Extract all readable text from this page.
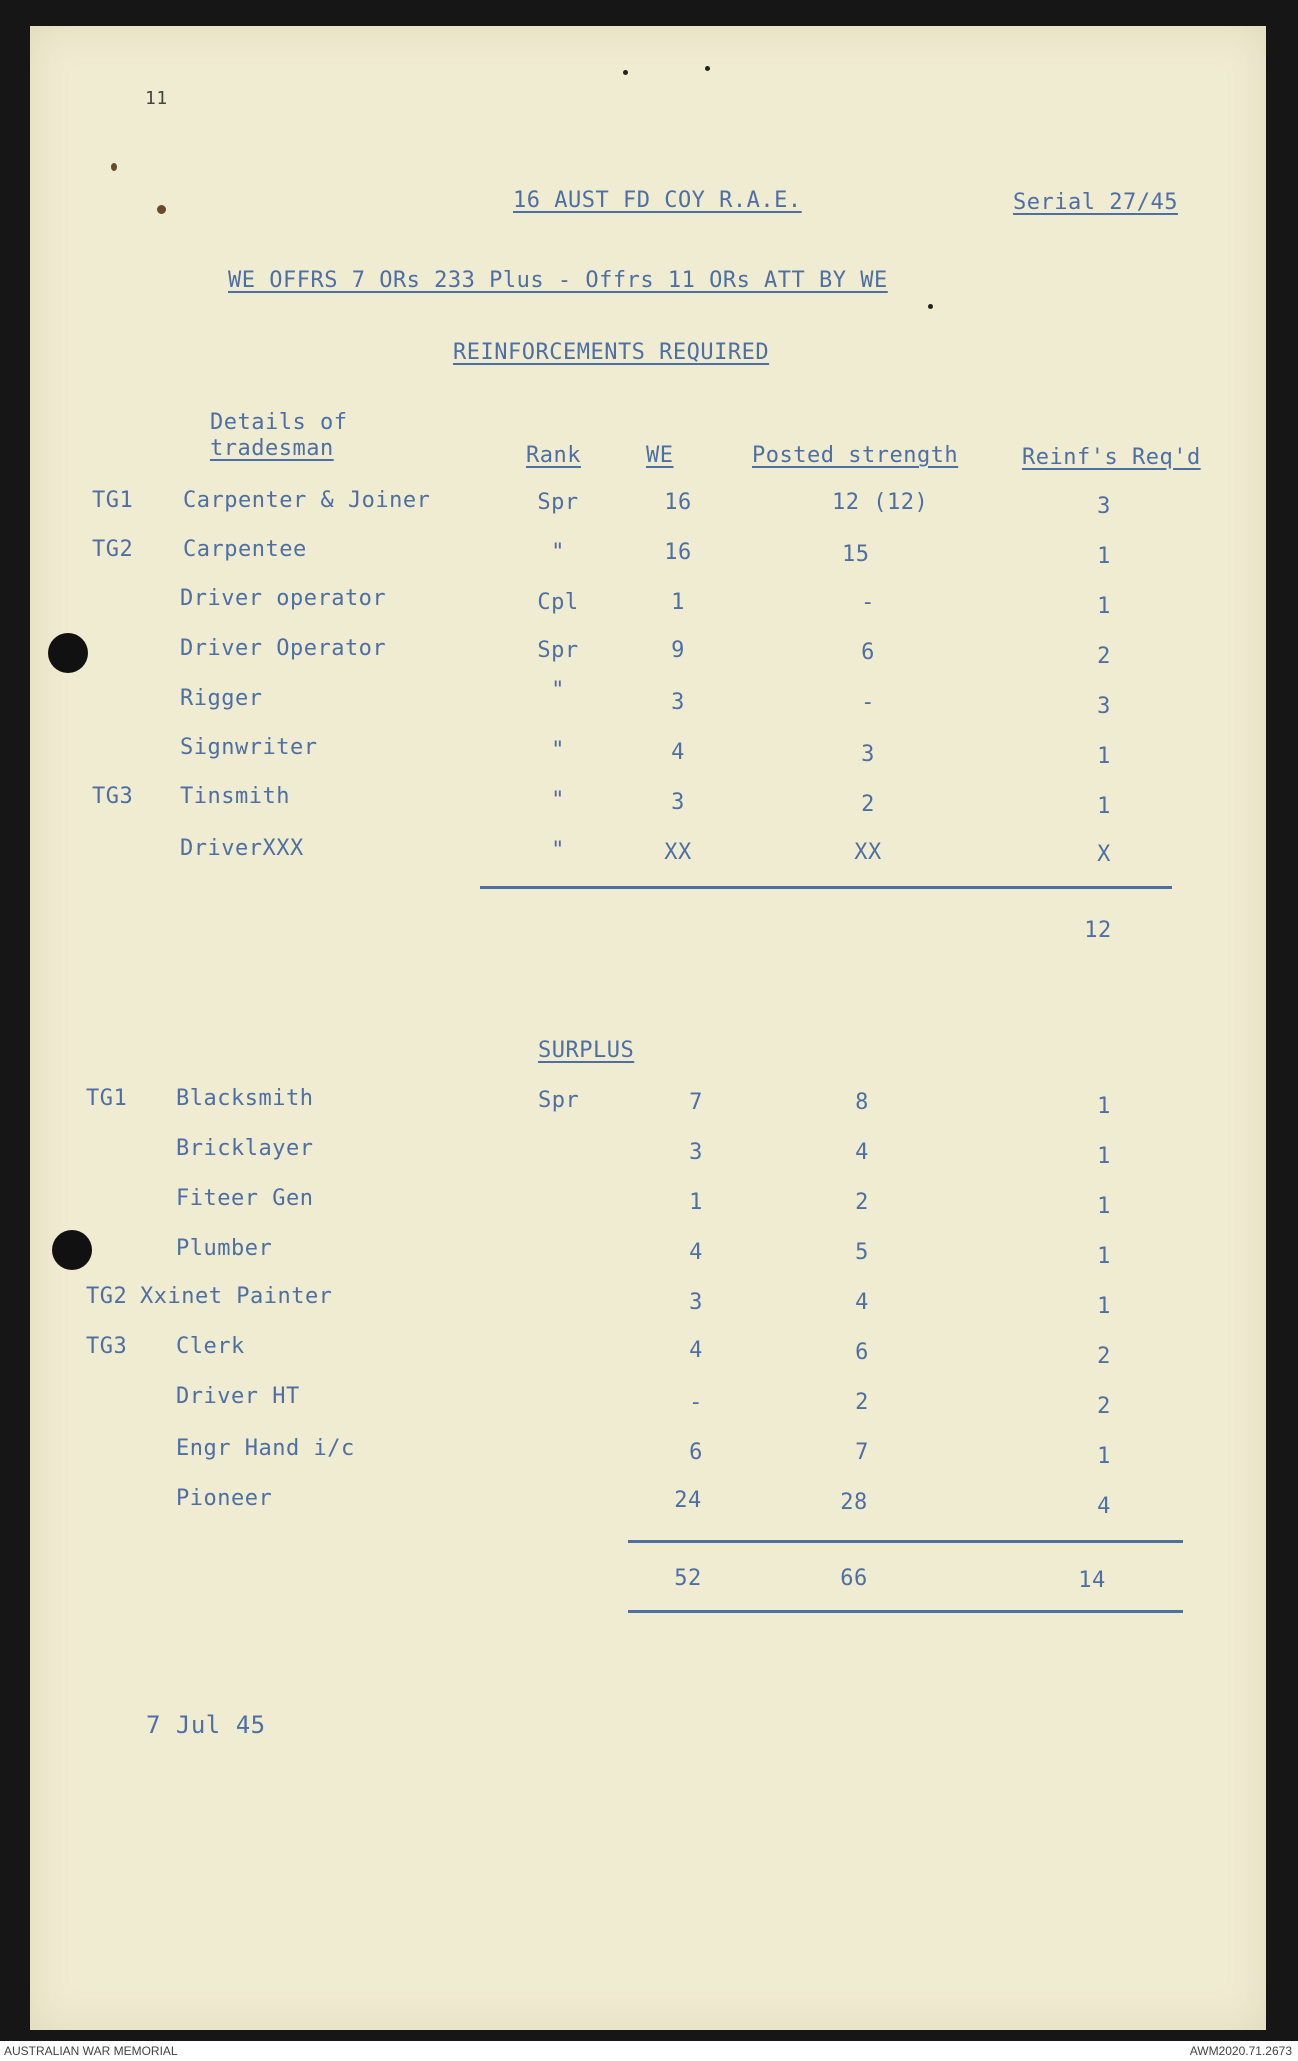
11
16 AUST FD COY R.A.E.	Serial 27/45
WE OFFRS 7 ORs 233 Plus - Offrs 11 ORs ATT BY WE
REINFORCEMENTS REQUIRED
Details of
tradesman	Rank	WE	Posted strength	Reinf's Req'd
TG1 Carpenter & Joiner	Spr	16	12 (12)	3
TG2 Carpentee	"	16	15	1
Driver operator	Cpl	1	-	1
Driver Operator	Spr	9	6	2
Rigger	"	3	-	3
Signwriter	"	4	3	1
TG3 Tinsmith	"	3	2	1
DriverXXX	"	XX	XX	X
12
SURPLUS
TG1 Blacksmith	Spr	7	8	1
Bricklayer	3	4	1
Fiteer Gen	1	2	1
Plumber	4	5	1
TG2 Xxinet Painter	3	4	1
TG3 Clerk	4	6	2
Driver HT	-	2	2
Engr Hand i/c	6	7	1
Pioneer	24	28	4
52	66	14
7 Jul 45
AUSTRALIAN WAR MEMORIAL	AWM2020.71.2673
